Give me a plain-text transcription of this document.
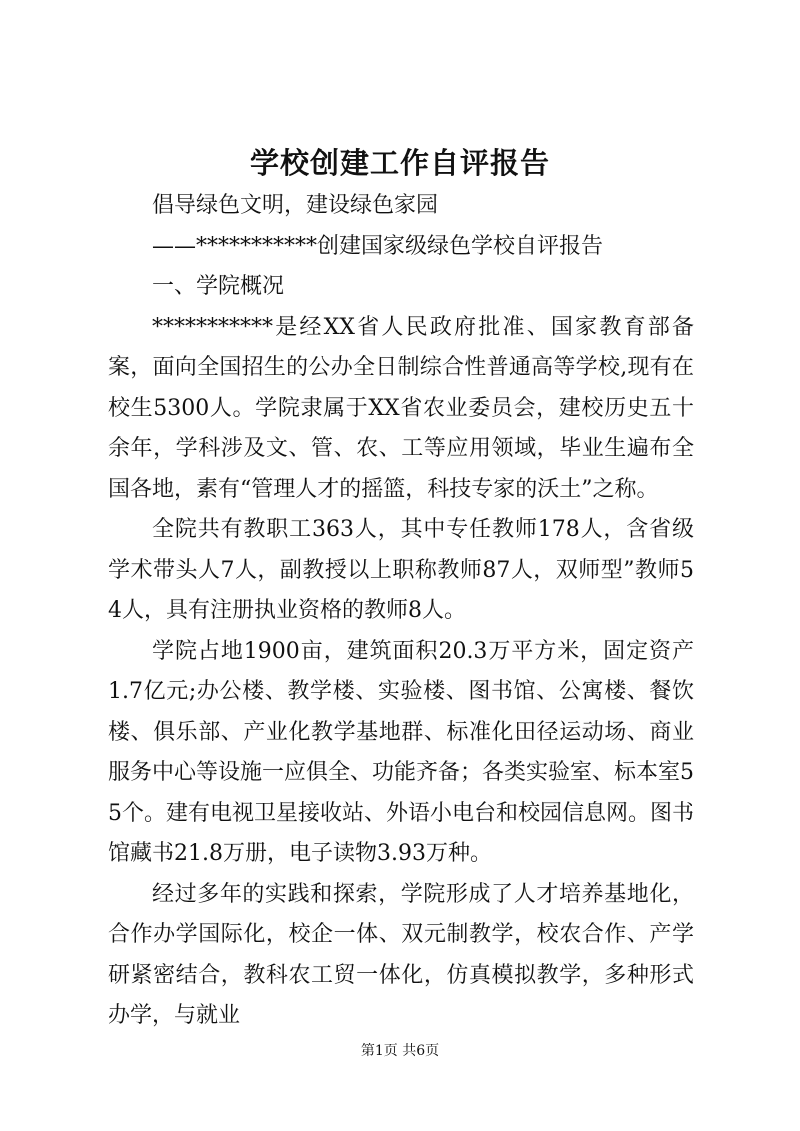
学校创建工作自评报告

倡导绿色文明，建设绿色家园

——***********创建国家级绿色学校自评报告

一、学院概况

***********是经XX省人民政府批准、国家教育部备案，面向全国招生的公办全日制综合性普通高等学校,现有在校生5300人。学院隶属于XX省农业委员会，建校历史五十余年，学科涉及文、管、农、工等应用领域，毕业生遍布全国各地，素有“管理人才的摇篮，科技专家的沃土”之称。

全院共有教职工363人，其中专任教师178人，含省级学术带头人7人，副教授以上职称教师87人，双师型”教师54人，具有注册执业资格的教师8人。

学院占地1900亩，建筑面积20.3万平方米，固定资产1.7亿元;办公楼、教学楼、实验楼、图书馆、公寓楼、餐饮楼、俱乐部、产业化教学基地群、标准化田径运动场、商业服务中心等设施一应俱全、功能齐备；各类实验室、标本室55个。建有电视卫星接收站、外语小电台和校园信息网。图书馆藏书21.8万册，电子读物3.93万种。

经过多年的实践和探索，学院形成了人才培养基地化，合作办学国际化，校企一体、双元制教学，校农合作、产学研紧密结合，教科农工贸一体化，仿真模拟教学，多种形式办学，与就业

第1页 共6页
